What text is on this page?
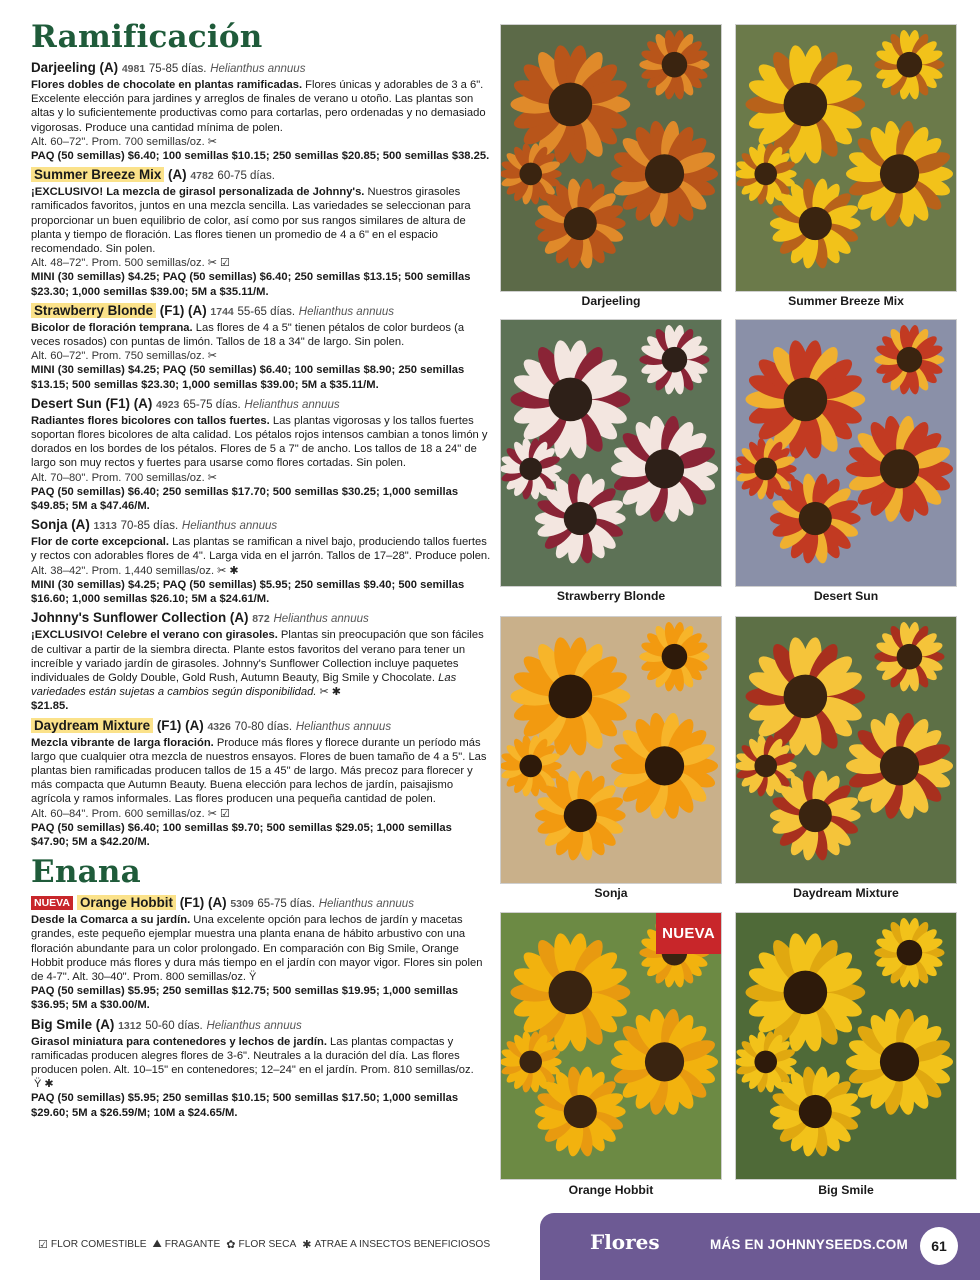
Ramificación
Darjeeling (A) 4981 75-85 días. Helianthus annuus

Flores dobles de chocolate en plantas ramificadas. Flores únicas y adorables de 3 a 6". Excelente elección para jardines y arreglos de finales de verano u otoño. Las plantas son altas y lo suficientemente productivas como para cortarlas, pero ordenadas y no demasiado vigorosas. Produce una cantidad mínima de polen.

Alt. 60–72". Prom. 700 semillas/oz. ✂

PAQ (50 semillas) $6.40; 100 semillas $10.15; 250 semillas $20.85; 500 semillas $38.25.

Summer Breeze Mix (A) 4782 60-75 días.

¡EXCLUSIVO! La mezcla de girasol personalizada de Johnny's. Nuestros girasoles ramificados favoritos, juntos en una mezcla sencilla. Las variedades se seleccionan para proporcionar un buen equilibrio de color, así como por sus rangos similares de altura de planta y tiempo de floración. Las flores tienen un promedio de 4 a 6" en el espacio recomendado. Sin polen.

Alt. 48–72". Prom. 500 semillas/oz. ✂ ☑

MINI (30 semillas) $4.25; PAQ (50 semillas) $6.40; 250 semillas $13.15; 500 semillas $23.30; 1,000 semillas $39.00; 5M a $35.11/M.

Strawberry Blonde (F1) (A) 1744 55-65 días. Helianthus annuus

Bicolor de floración temprana. Las flores de 4 a 5" tienen pétalos de color burdeos (a veces rosados) con puntas de limón. Tallos de 18 a 34" de largo. Sin polen.

Alt. 60–72". Prom. 750 semillas/oz. ✂

MINI (30 semillas) $4.25; PAQ (50 semillas) $6.40; 100 semillas $8.90; 250 semillas $13.15; 500 semillas $23.30; 1,000 semillas $39.00; 5M a $35.11/M.

Desert Sun (F1) (A) 4923 65-75 días. Helianthus annuus

Radiantes flores bicolores con tallos fuertes. Las plantas vigorosas y los tallos fuertes soportan flores bicolores de alta calidad. Los pétalos rojos intensos cambian a tonos limón y dorados en los bordes de los pétalos. Flores de 5 a 7" de ancho. Los tallos de 18 a 24" de largo son muy rectos y fuertes para usarse como flores cortadas. Sin polen.

Alt. 70–80". Prom. 700 semillas/oz. ✂

PAQ (50 semillas) $6.40; 250 semillas $17.70; 500 semillas $30.25; 1,000 semillas $49.85; 5M a $47.46/M.

Sonja (A) 1313 70-85 días. Helianthus annuus

Flor de corte excepcional. Las plantas se ramifican a nivel bajo, produciendo tallos fuertes y rectos con adorables flores de 4". Larga vida en el jarrón. Tallos de 17–28". Produce polen.

Alt. 38–42". Prom. 1,440 semillas/oz. ✂ ✱

MINI (30 semillas) $4.25; PAQ (50 semillas) $5.95; 250 semillas $9.40; 500 semillas $16.60; 1,000 semillas $26.10; 5M a $24.61/M.

Johnny's Sunflower Collection (A) 872 Helianthus annuus

¡EXCLUSIVO! Celebre el verano con girasoles. Plantas sin preocupación que son fáciles de cultivar a partir de la siembra directa. Plante estos favoritos del verano para tener un increíble y variado jardín de girasoles. Johnny's Sunflower Collection incluye paquetes individuales de Goldy Double, Gold Rush, Autumn Beauty, Big Smile y Chocolate. Las variedades están sujetas a cambios según disponibilidad. ✂ ✱

$21.85.

Daydream Mixture (F1) (A) 4326 70-80 días. Helianthus annuus

Mezcla vibrante de larga floración. Produce más flores y florece durante un período más largo que cualquier otra mezcla de nuestros ensayos. Flores de buen tamaño de 4 a 5". Las plantas bien ramificadas producen tallos de 15 a 45" de largo. Más precoz para florecer y más compacta que Autumn Beauty. Buena elección para lechos de jardín, paisajismo agrícola y ramos informales. Las flores producen una pequeña cantidad de polen.

Alt. 60–84". Prom. 600 semillas/oz. ✂ ☑

PAQ (50 semillas) $6.40; 100 semillas $9.70; 500 semillas $29.05; 1,000 semillas $47.90; 5M a $42.20/M.

Enana
NUEVA Orange Hobbit (F1) (A) 5309 65-75 días. Helianthus annuus

Desde la Comarca a su jardín. Una excelente opción para lechos de jardín y macetas grandes, este pequeño ejemplar muestra una planta enana de hábito arbustivo con una floración abundante para un color prolongado. En comparación con Big Smile, Orange Hobbit produce más flores y dura más tiempo en el jardín con mayor vigor. Flores sin polen de 4-7". Alt. 30–40". Prom. 800 semillas/oz. Ÿ

PAQ (50 semillas) $5.95; 250 semillas $12.75; 500 semillas $19.95; 1,000 semillas $36.95; 5M a $30.00/M.

Big Smile (A) 1312 50-60 días. Helianthus annuus

Girasol miniatura para contenedores y lechos de jardín. Las plantas compactas y ramificadas producen alegres flores de 3-6". Neutrales a la duración del día. Las flores producen polen. Alt. 10–15" en contenedores; 12–24" en el jardín. Prom. 810 semillas/oz.Ÿ ✱

PAQ (50 semillas) $5.95; 250 semillas $10.15; 500 semillas $17.50; 1,000 semillas $29.60; 5M a $26.59/M; 10M a $24.65/M.

Darjeeling	Summer Breeze Mix
Strawberry Blonde	Desert Sun
Sonja	Daydream Mixture
NUEVA
Orange Hobbit	Big Smile
☑ FLOR COMESTIBLE ⛰ FRAGANTE ✿ FLOR SECA ✱ ATRAE A INSECTOS BENEFICIOSOS	Flores	MÁS EN JOHNNYSEEDS.COM	61
